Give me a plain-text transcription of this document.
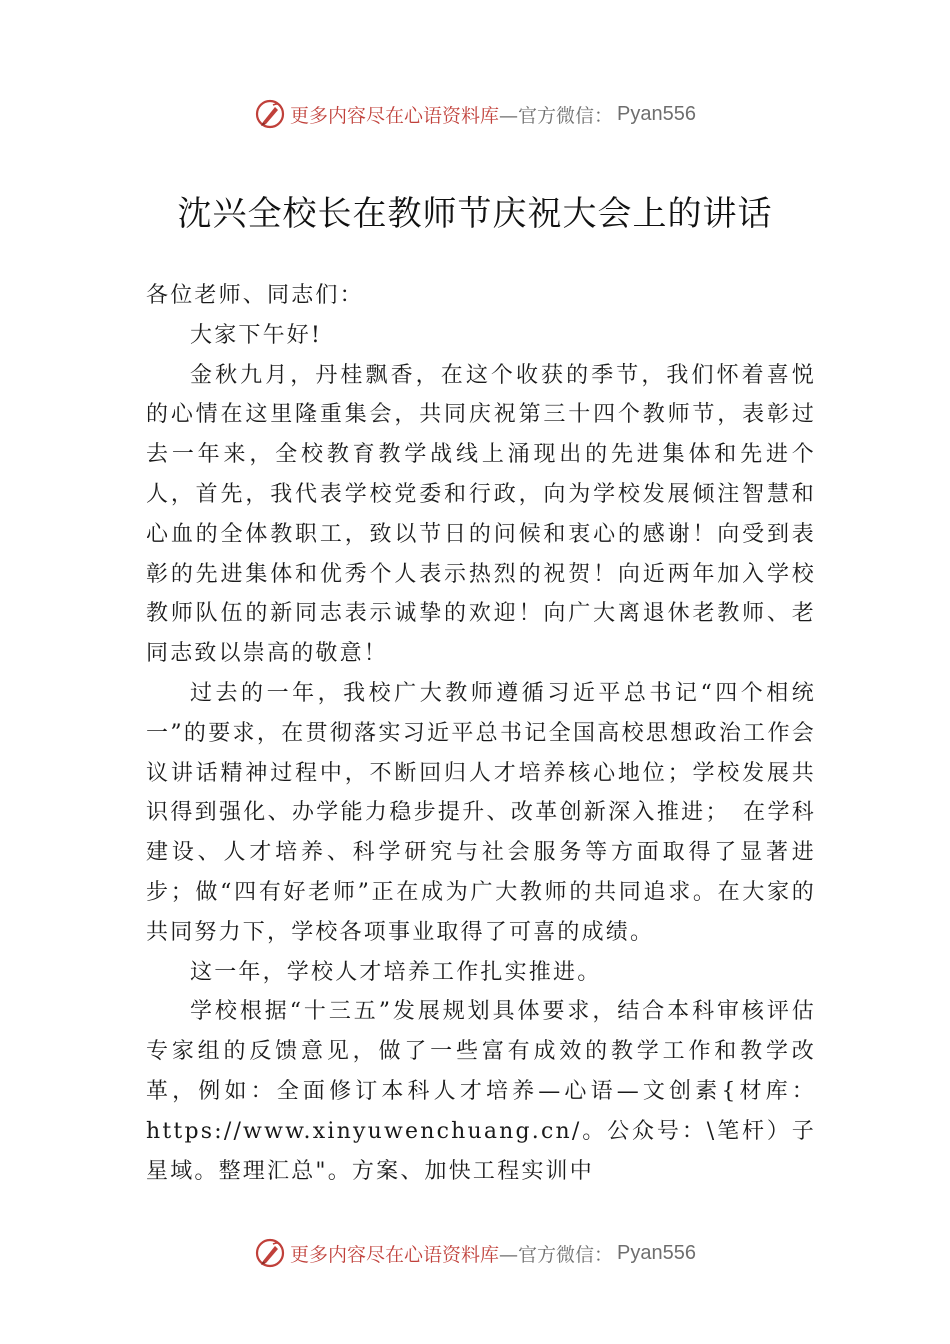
更多内容尽在心语资料库 —官方微信： Pyan556
沈兴全校长在教师节庆祝大会上的讲话

各位老师、同志们：

大家下午好!

金秋九月，丹桂飘香，在这个收获的季节，我们怀着喜悦的心情在这里隆重集会，共同庆祝第三十四个教师节，表彰过去一年来，全校教育教学战线上涌现出的先进集体和先进个人，首先，我代表学校党委和行政，向为学校发展倾注智慧和心血的全体教职工，致以节日的问候和衷心的感谢！向受到表彰的先进集体和优秀个人表示热烈的祝贺！向近两年加入学校教师队伍的新同志表示诚挚的欢迎！向广大离退休老教师、老同志致以崇高的敬意！

过去的一年，我校广大教师遵循习近平总书记“四个相统一”的要求，在贯彻落实习近平总书记全国高校思想政治工作会议讲话精神过程中，不断回归人才培养核心地位；学校发展共识得到强化、办学能力稳步提升、改革创新深入推进；　在学科建设、人才培养、科学研究与社会服务等方面取得了显著进步；做“四有好老师”正在成为广大教师的共同追求。在大家的共同努力下，学校各项事业取得了可喜的成绩。

这一年，学校人才培养工作扎实推进。

学校根据“十三五”发展规划具体要求，结合本科审核评估专家组的反馈意见，做了一些富有成效的教学工作和教学改革，例如：全面修订本科人才培养—心语—文创素{材库：https://www.xinyuwenchuang.cn/。公众号：\笔杆）子星域。整理汇总"。方案、加快工程实训中

更多内容尽在心语资料库 —官方微信： Pyan556
